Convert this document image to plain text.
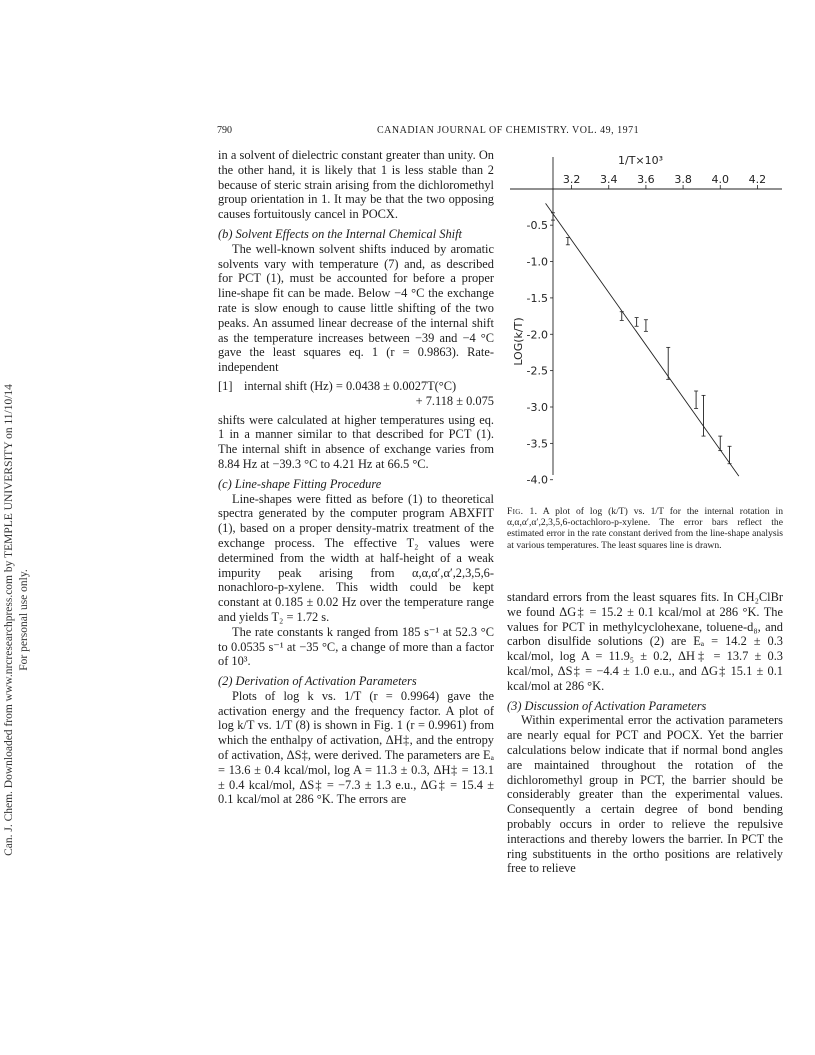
Can. J. Chem. Downloaded from www.nrcresearchpress.com by TEMPLE UNIVERSITY on 11/10/14 For personal use only.
790	CANADIAN JOURNAL OF CHEMISTRY. VOL. 49, 1971

in a solvent of dielectric constant greater than unity. On the other hand, it is likely that 1 is less stable than 2 because of steric strain arising from the dichloromethyl group orientation in 1. It may be that the two opposing causes fortuitously cancel in POCX.

(b) Solvent Effects on the Internal Chemical Shift

The well-known solvent shifts induced by aromatic solvents vary with temperature (7) and, as described for PCT (1), must be accounted for before a proper line-shape fit can be made. Below −4 °C the exchange rate is slow enough to cause little shifting of the two peaks. An assumed linear decrease of the internal shift as the temperature increases between −39 and −4 °C gave the least squares eq. 1 (r = 0.9863). Rate-independent

[1] internal shift (Hz) = 0.0438 ± 0.0027T(°C)
+ 7.118 ± 0.075

shifts were calculated at higher temperatures using eq. 1 in a manner similar to that described for PCT (1). The internal shift in absence of exchange varies from 8.84 Hz at −39.3 °C to 4.21 Hz at 66.5 °C.

(c) Line-shape Fitting Procedure

Line-shapes were fitted as before (1) to theoretical spectra generated by the computer program ABXFIT (1), based on a proper density-matrix treatment of the exchange process. The effective T₂ values were determined from the width at half-height of a weak impurity peak arising from α,α,α′,α′,2,3,5,6-nonachloro-p-xylene. This width could be kept constant at 0.185 ± 0.02 Hz over the temperature range and yields T₂ = 1.72 s.

The rate constants k ranged from 185 s⁻¹ at 52.3 °C to 0.0535 s⁻¹ at −35 °C, a change of more than a factor of 10³.

(2) Derivation of Activation Parameters

Plots of log k vs. 1/T (r = 0.9964) gave the activation energy and the frequency factor. A plot of log k/T vs. 1/T (8) is shown in Fig. 1 (r = 0.9961) from which the enthalpy of activation, ΔH‡, and the entropy of activation, ΔS‡, were derived. The parameters are Eₐ = 13.6 ± 0.4 kcal/mol, log A = 11.3 ± 0.3, ΔH‡ = 13.1 ± 0.4 kcal/mol, ΔS‡ = −7.3 ± 1.3 e.u., ΔG‡ = 15.4 ± 0.1 kcal/mol at 286 °K. The errors are

3.2 3.4 3.6 3.8 4.0 4.2
-0.5
-1.0
-1.5
-2.0
-2.5
-3.0
-3.5
-4.0
1/T×10³
LOG(k/T)
Fig. 1. A plot of log (k/T) vs. 1/T for the internal rotation in α,α,α′,α′,2,3,5,6-octachloro-p-xylene. The error bars reflect the estimated error in the rate constant derived from the line-shape analysis at various temperatures. The least squares line is drawn.

standard errors from the least squares fits. In CH₂ClBr we found ΔG‡ = 15.2 ± 0.1 kcal/mol at 286 °K. The values for PCT in methylcyclohexane, toluene-d₈, and carbon disulfide solutions (2) are Eₐ = 14.2 ± 0.3 kcal/mol, log A = 11.9₅ ± 0.2, ΔH‡ = 13.7 ± 0.3 kcal/mol, ΔS‡ = −4.4 ± 1.0 e.u., and ΔG‡ 15.1 ± 0.1 kcal/mol at 286 °K.

(3) Discussion of Activation Parameters

Within experimental error the activation parameters are nearly equal for PCT and POCX. Yet the barrier calculations below indicate that if normal bond angles are maintained throughout the rotation of the dichloromethyl group in PCT, the barrier should be considerably greater than the experimental values. Consequently a certain degree of bond bending probably occurs in order to relieve the repulsive interactions and thereby lowers the barrier. In PCT the ring substituents in the ortho positions are relatively free to relieve
